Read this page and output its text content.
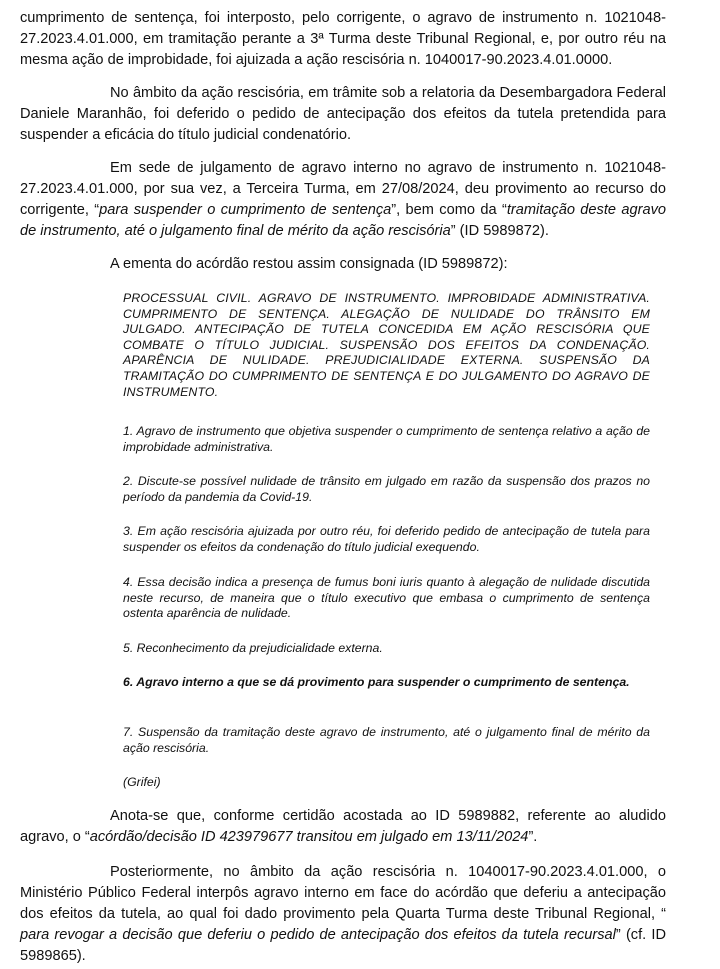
cumprimento de sentença, foi interposto, pelo corrigente, o agravo de instrumento n. 1021048-27.2023.4.01.000, em tramitação perante a 3ª Turma deste Tribunal Regional, e, por outro réu na mesma ação de improbidade, foi ajuizada a ação rescisória n. 1040017-90.2023.4.01.0000.

No âmbito da ação rescisória, em trâmite sob a relatoria da Desembargadora Federal Daniele Maranhão, foi deferido o pedido de antecipação dos efeitos da tutela pretendida para suspender a eficácia do título judicial condenatório.

Em sede de julgamento de agravo interno no agravo de instrumento n. 1021048-27.2023.4.01.000, por sua vez, a Terceira Turma, em 27/08/2024, deu provimento ao recurso do corrigente, “para suspender o cumprimento de sentença”, bem como da “tramitação deste agravo de instrumento, até o julgamento final de mérito da ação rescisória” (ID 5989872).

A ementa do acórdão restou assim consignada (ID 5989872):

PROCESSUAL CIVIL. AGRAVO DE INSTRUMENTO. IMPROBIDADE ADMINISTRATIVA. CUMPRIMENTO DE SENTENÇA. ALEGAÇÃO DE NULIDADE DO TRÂNSITO EM JULGADO. ANTECIPAÇÃO DE TUTELA CONCEDIDA EM AÇÃO RESCISÓRIA QUE COMBATE O TÍTULO JUDICIAL. SUSPENSÃO DOS EFEITOS DA CONDENAÇÃO. APARÊNCIA DE NULIDADE. PREJUDICIALIDADE EXTERNA. SUSPENSÃO DA TRAMITAÇÃO DO CUMPRIMENTO DE SENTENÇA E DO JULGAMENTO DO AGRAVO DE INSTRUMENTO.

1. Agravo de instrumento que objetiva suspender o cumprimento de sentença relativo a ação de improbidade administrativa.

2. Discute-se possível nulidade de trânsito em julgado em razão da suspensão dos prazos no período da pandemia da Covid-19.

3. Em ação rescisória ajuizada por outro réu, foi deferido pedido de antecipação de tutela para suspender os efeitos da condenação do título judicial exequendo.

4. Essa decisão indica a presença de fumus boni iuris quanto à alegação de nulidade discutida neste recurso, de maneira que o título executivo que embasa o cumprimento de sentença ostenta aparência de nulidade.

5. Reconhecimento da prejudicialidade externa.

6. Agravo interno a que se dá provimento para suspender o cumprimento de sentença.

7. Suspensão da tramitação deste agravo de instrumento, até o julgamento final de mérito da ação rescisória.

(Grifei)

Anota-se que, conforme certidão acostada ao ID 5989882, referente ao aludido agravo, o “acórdão/decisão ID 423979677 transitou em julgado em 13/11/2024”.

Posteriormente, no âmbito da ação rescisória n. 1040017-90.2023.4.01.000, o Ministério Público Federal interpôs agravo interno em face do acórdão que deferiu a antecipação dos efeitos da tutela, ao qual foi dado provimento pela Quarta Turma deste Tribunal Regional, “ para revogar a decisão que deferiu o pedido de antecipação dos efeitos da tutela recursal” (cf. ID 5989865).
